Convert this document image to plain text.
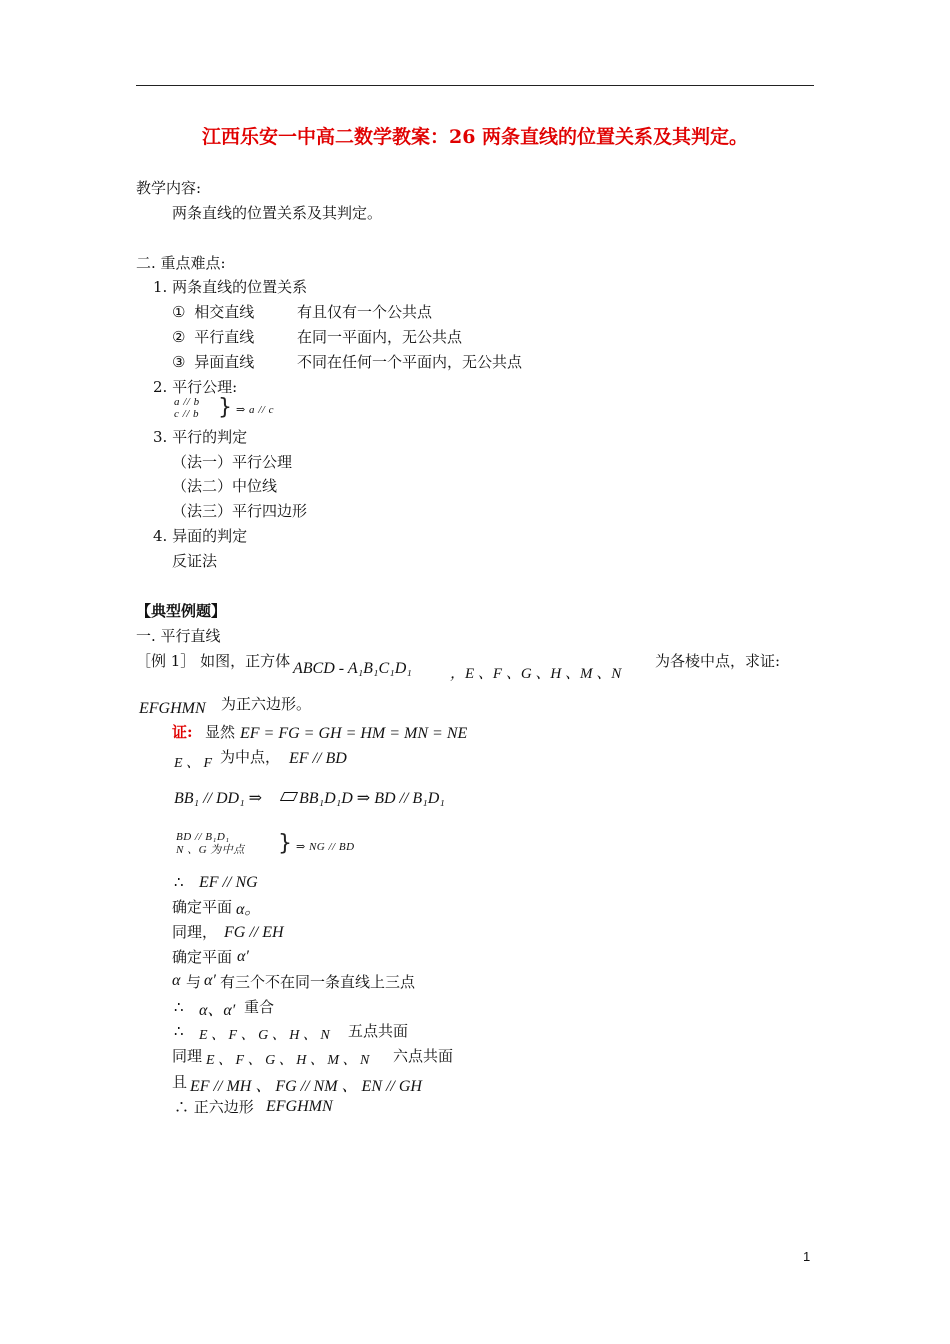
江西乐安一中高二数学教案：26 两条直线的位置关系及其判定。
教学内容:
两条直线的位置关系及其判定。
二. 重点难点:
1. 两条直线的位置关系
① 相交直线	有且仅有一个公共点
② 平行直线	在同一平面内，无公共点
③ 异面直线	不同在任何一个平面内，无公共点
2. 平行公理:
a // b
c // b } ⇒ a // c
3. 平行的判定
（法一）平行公理
（法二）中位线
（法三）平行四边形
4. 异面的判定
反证法
【典型例题】
一. 平行直线
［例 1］ 如图，正方体 ABCD - A₁B₁C₁D₁	，E 、F 、G 、H 、M 、N
为各棱中点，求证:
EFGHMN 为正六边形。
证: 显然 EF = FG = GH = HM = MN = NE
E 、 F 为中点， EF // BD
BB₁ // DD₁ ⇒	BB₁D₁D ⇒ BD // B₁D₁
BD // B₁D₁
N 、G 为中点 } ⇒ NG // BD
∴ EF // NG
确定平面 α。
同理， FG // EH
确定平面 α′
α 与 α′ 有三个不在同一条直线上三点
∴ α、α′ 重合
∴ E 、 F 、 G 、 H 、 N 五点共面
同理 E 、 F 、 G 、 H 、 M 、 N 六点共面
且 EF // MH 、 FG // NM 、 EN // GH
∴ 正六边形 EFGHMN
1
